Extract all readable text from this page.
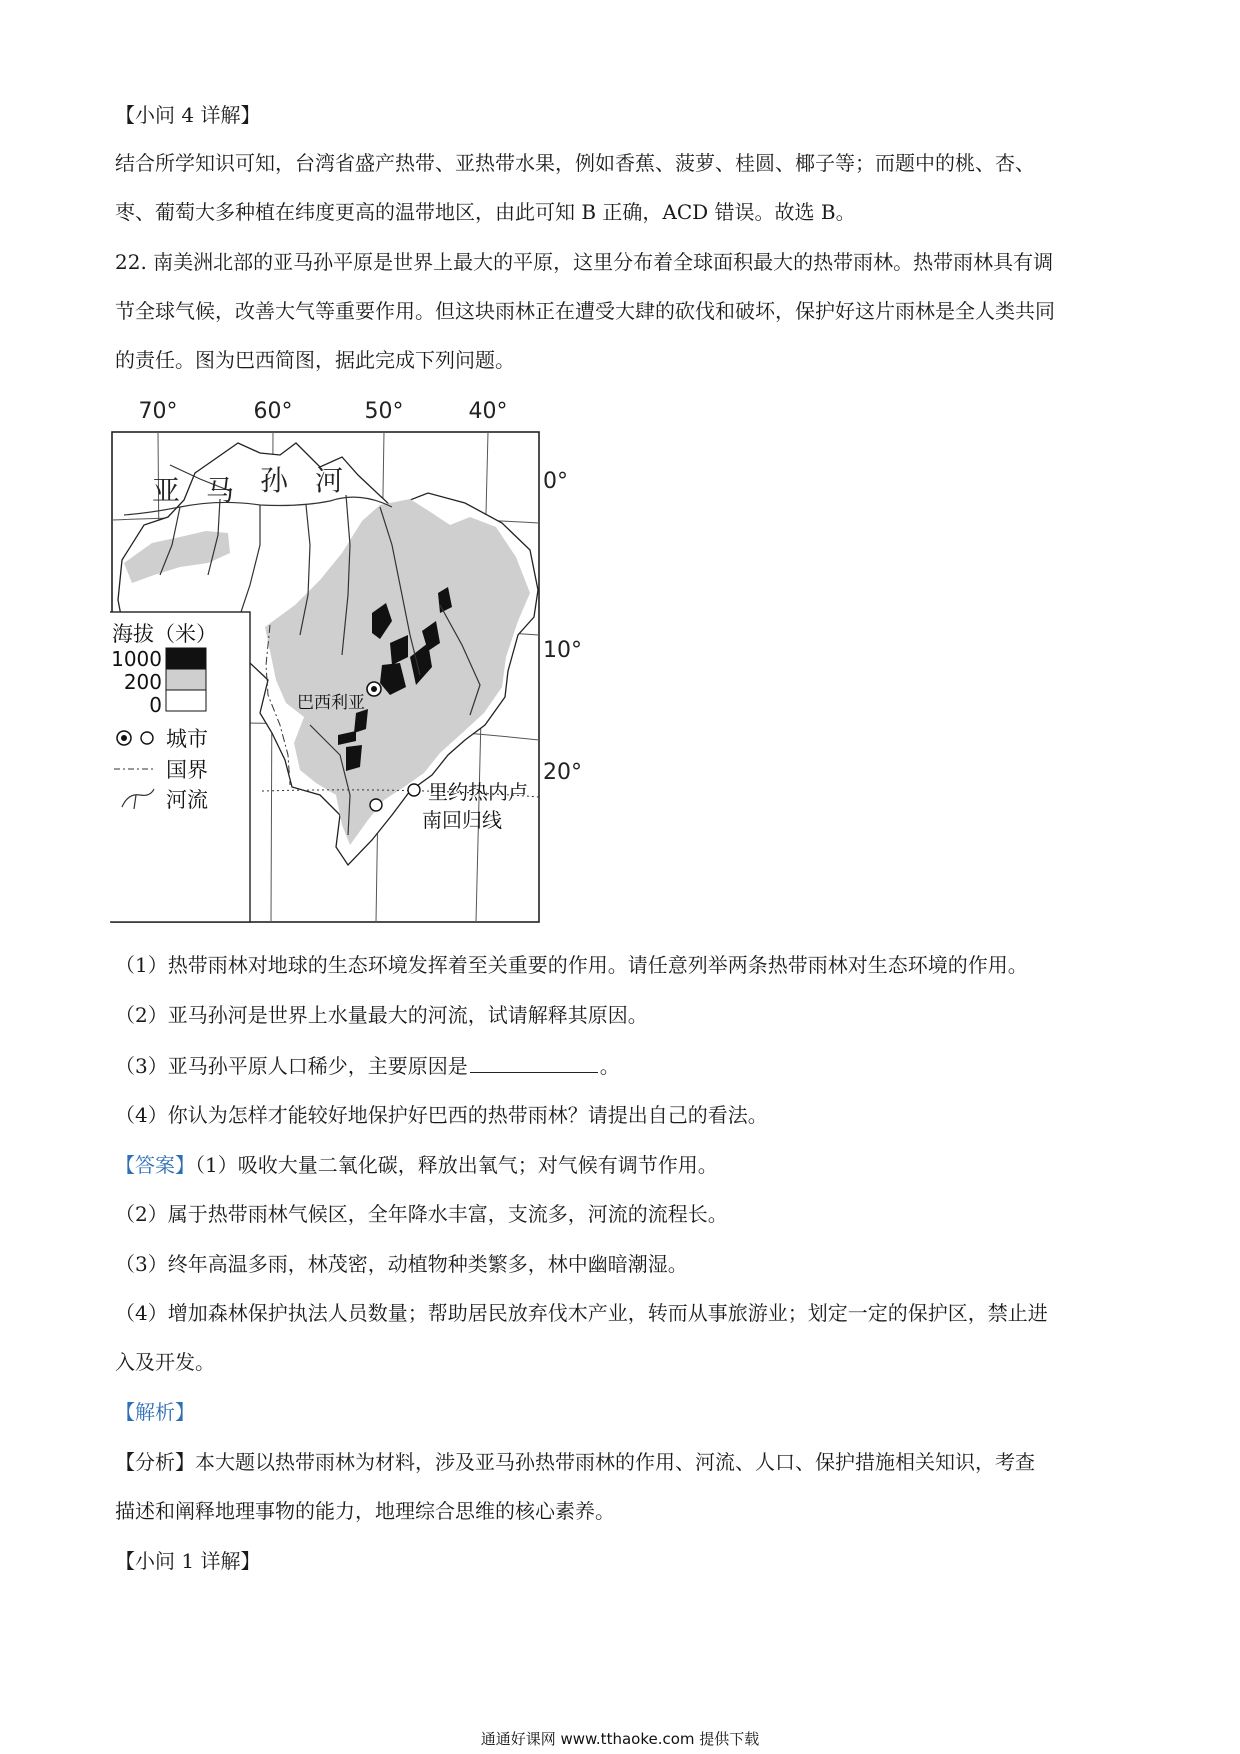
【小问 4 详解】
结合所学知识可知，台湾省盛产热带、亚热带水果，例如香蕉、菠萝、桂圆、椰子等；而题中的桃、杏、
枣、葡萄大多种植在纬度更高的温带地区，由此可知 B 正确，ACD 错误。故选 B。
22. 南美洲北部的亚马孙平原是世界上最大的平原，这里分布着全球面积最大的热带雨林。热带雨林具有调
节全球气候，改善大气等重要作用。但这块雨林正在遭受大肆的砍伐和破坏，保护好这片雨林是全人类共同
的责任。图为巴西简图，据此完成下列问题。
70°	60°	50°	40°
亚 马 孙 河	0°
10°
20°
巴西利亚
里约热内卢
南回归线
海拔（米）
1000
200
0
城市
国界
河流
（1）热带雨林对地球的生态环境发挥着至关重要的作用。请任意列举两条热带雨林对生态环境的作用。
（2）亚马孙河是世界上水量最大的河流，试请解释其原因。
（3）亚马孙平原人口稀少，主要原因是	。
（4）你认为怎样才能较好地保护好巴西的热带雨林？请提出自己的看法。
【答案】（1）吸收大量二氧化碳，释放出氧气；对气候有调节作用。
（2）属于热带雨林气候区，全年降水丰富，支流多，河流的流程长。
（3）终年高温多雨，林茂密，动植物种类繁多，林中幽暗潮湿。
（4）增加森林保护执法人员数量；帮助居民放弃伐木产业，转而从事旅游业；划定一定的保护区，禁止进
入及开发。
【解析】
【分析】本大题以热带雨林为材料，涉及亚马孙热带雨林的作用、河流、人口、保护措施相关知识，考查
描述和阐释地理事物的能力，地理综合思维的核心素养。
【小问 1 详解】
通通好课网 www.tthaoke.com 提供下载
